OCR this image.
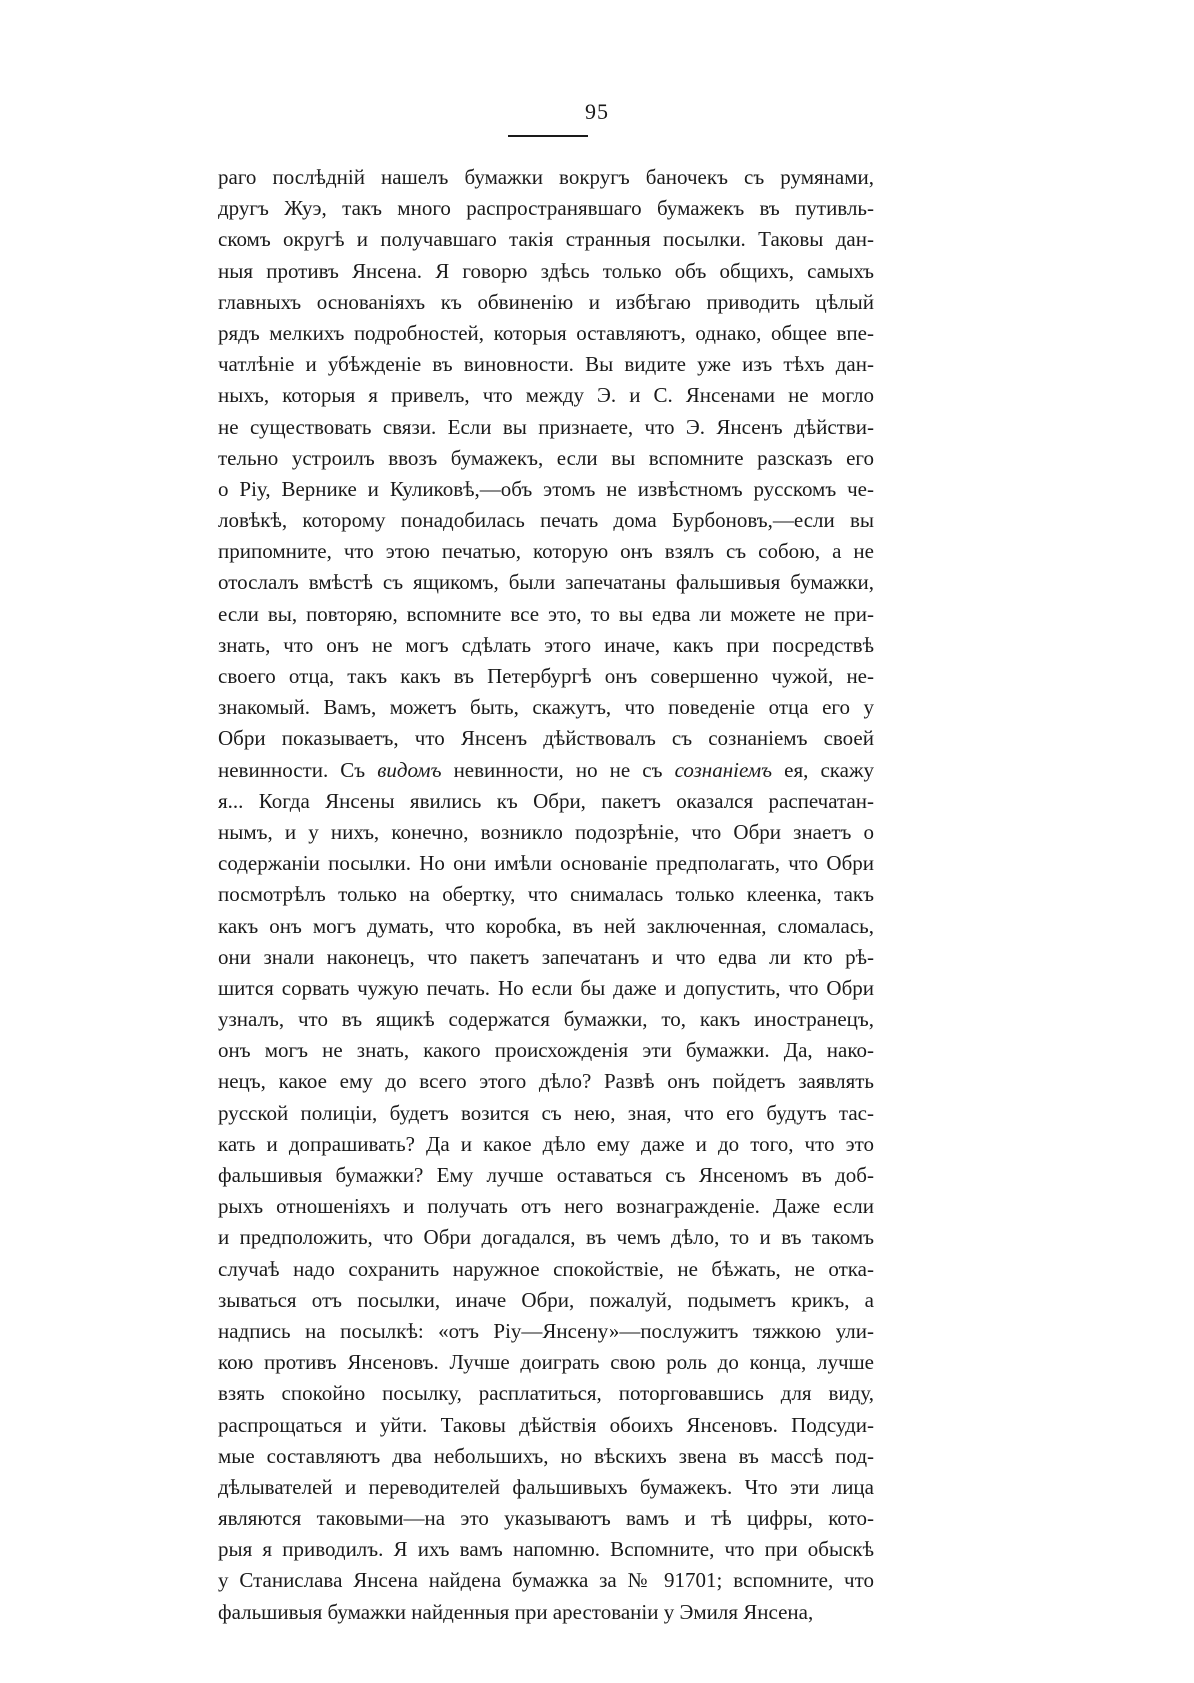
95
раго послѣдній нашелъ бумажки вокругъ баночекъ съ румянами,
другъ Жуэ, такъ много распространявшаго бумажекъ въ путивль-
скомъ округѣ и получавшаго такія странныя посылки. Таковы дан-
ныя противъ Янсена. Я говорю здѣсь только объ общихъ, самыхъ
главныхъ основаніяхъ къ обвиненію и избѣгаю приводить цѣлый
рядъ мелкихъ подробностей, которыя оставляютъ, однако, общее впе-
чатлѣніе и убѣжденіе въ виновности. Вы видите уже изъ тѣхъ дан-
ныхъ, которыя я привелъ, что между Э. и С. Янсенами не могло
не существовать связи. Если вы признаете, что Э. Янсенъ дѣйстви-
тельно устроилъ ввозъ бумажекъ, если вы вспомните разсказъ его
о Ріу, Вернике и Куликовѣ,—объ этомъ не извѣстномъ русскомъ че-
ловѣкѣ, которому понадобилась печать дома Бурбоновъ,—если вы
припомните, что этою печатью, которую онъ взялъ съ собою, а не
отослалъ вмѣстѣ съ ящикомъ, были запечатаны фальшивыя бумажки,
если вы, повторяю, вспомните все это, то вы едва ли можете не при-
знать, что онъ не могъ сдѣлать этого иначе, какъ при посредствѣ
своего отца, такъ какъ въ Петербургѣ онъ совершенно чужой, не-
знакомый. Вамъ, можетъ быть, скажутъ, что поведеніе отца его у
Обри показываетъ, что Янсенъ дѣйствовалъ съ сознаніемъ своей
невинности. Съ видомъ невинности, но не съ сознаніемъ ея, скажу
я... Когда Янсены явились къ Обри, пакетъ оказался распечатан-
нымъ, и у нихъ, конечно, возникло подозрѣніе, что Обри знаетъ о
содержаніи посылки. Но они имѣли основаніе предполагать, что Обри
посмотрѣлъ только на обертку, что снималась только клеенка, такъ
какъ онъ могъ думать, что коробка, въ ней заключенная, сломалась,
они знали наконецъ, что пакетъ запечатанъ и что едва ли кто рѣ-
шится сорвать чужую печать. Но если бы даже и допустить, что Обри
узналъ, что въ ящикѣ содержатся бумажки, то, какъ иностранецъ,
онъ могъ не знать, какого происхожденія эти бумажки. Да, нако-
нецъ, какое ему до всего этого дѣло? Развѣ онъ пойдетъ заявлять
русской полиціи, будетъ возится съ нею, зная, что его будутъ тас-
кать и допрашивать? Да и какое дѣло ему даже и до того, что это
фальшивыя бумажки? Ему лучше оставаться съ Янсеномъ въ доб-
рыхъ отношеніяхъ и получать отъ него вознагражденіе. Даже если
и предположить, что Обри догадался, въ чемъ дѣло, то и въ такомъ
случаѣ надо сохранить наружное спокойствіе, не бѣжать, не отка-
зываться отъ посылки, иначе Обри, пожалуй, подыметъ крикъ, а
надпись на посылкѣ: «отъ Ріу—Янсену»—послужитъ тяжкою ули-
кою противъ Янсеновъ. Лучше доиграть свою роль до конца, лучше
взять спокойно посылку, расплатиться, поторговавшись для виду,
распрощаться и уйти. Таковы дѣйствія обоихъ Янсеновъ. Подсуди-
мые составляютъ два небольшихъ, но вѣскихъ звена въ массѣ под-
дѣлывателей и переводителей фальшивыхъ бумажекъ. Что эти лица
являются таковыми—на это указываютъ вамъ и тѣ цифры, кото-
рыя я приводилъ. Я ихъ вамъ напомню. Вспомните, что при обыскѣ
у Станислава Янсена найдена бумажка за № 91701; вспомните, что
фальшивыя бумажки найденныя при арестованіи у Эмиля Янсена,
